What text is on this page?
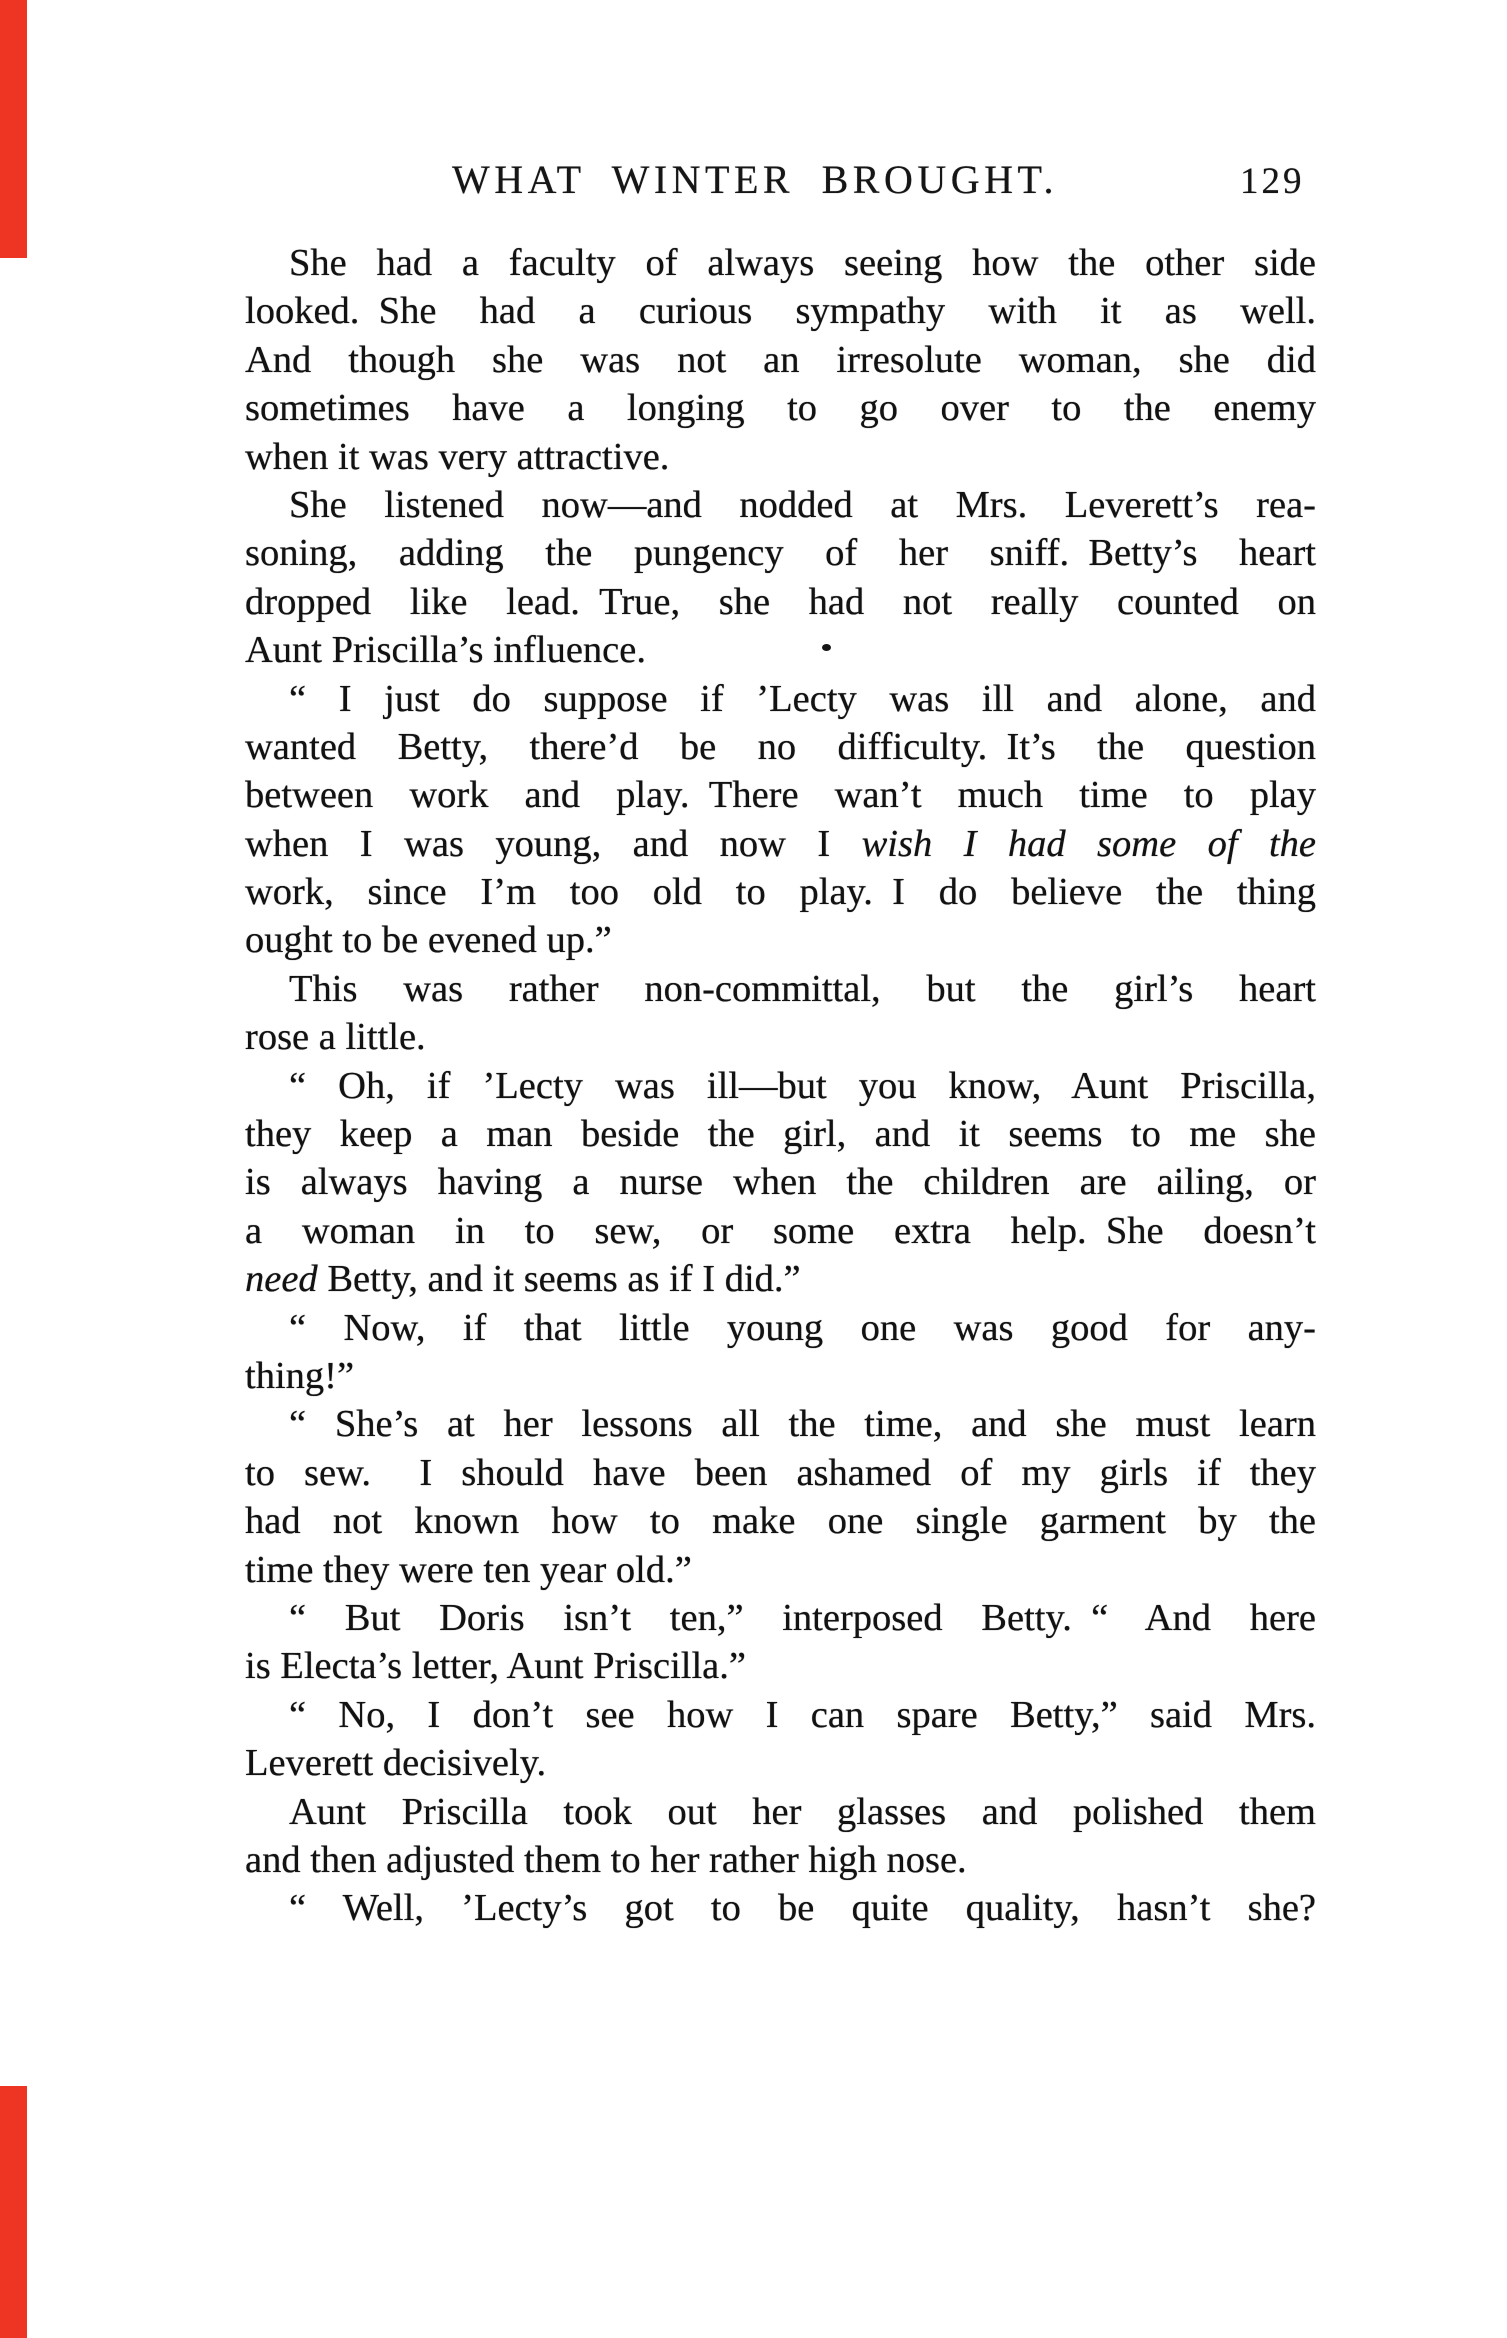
WHAT WINTER BROUGHT.	129
She had a faculty of always seeing how the other side
looked. She had a curious sympathy with it as well.
And though she was not an irresolute woman, she did
sometimes have a longing to go over to the enemy
when it was very attractive.
She listened now—and nodded at Mrs. Leverett’s rea-
soning, adding the pungency of her sniff. Betty’s heart
dropped like lead. True, she had not really counted on
Aunt Priscilla’s influence.
“ I just do suppose if ’Lecty was ill and alone, and
wanted Betty, there’d be no difficulty. It’s the question
between work and play. There wan’t much time to play
when I was young, and now I wish I had some of the
work, since I’m too old to play. I do believe the thing
ought to be evened up.”
This was rather non-committal, but the girl’s heart
rose a little.
“ Oh, if ’Lecty was ill—but you know, Aunt Priscilla,
they keep a man beside the girl, and it seems to me she
is always having a nurse when the children are ailing, or
a woman in to sew, or some extra help. She doesn’t
need Betty, and it seems as if I did.”
“ Now, if that little young one was good for any-
thing!”
“ She’s at her lessons all the time, and she must learn
to sew.  I should have been ashamed of my girls if they
had not known how to make one single garment by the
time they were ten year old.”
“ But Doris isn’t ten,” interposed Betty. “ And here
is Electa’s letter, Aunt Priscilla.”
“ No, I don’t see how I can spare Betty,” said Mrs.
Leverett decisively.
Aunt Priscilla took out her glasses and polished them
and then adjusted them to her rather high nose.
“ Well, ’Lecty’s got to be quite quality, hasn’t she?
